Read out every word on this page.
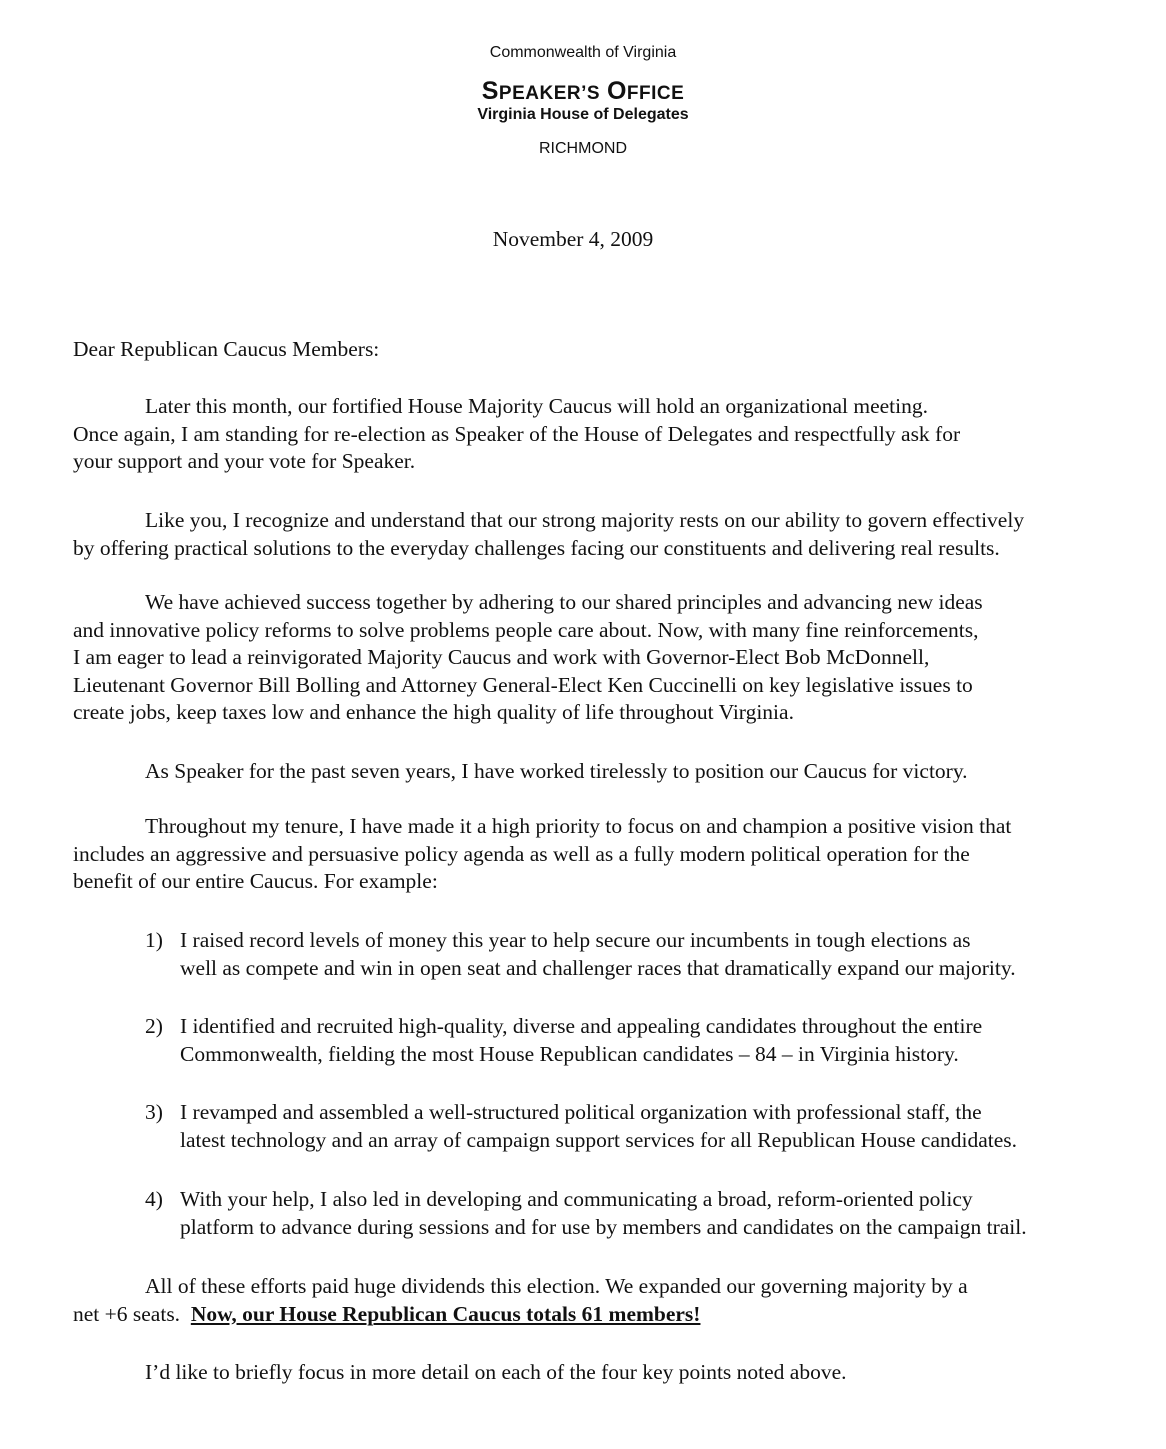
Commonwealth of Virginia
SPEAKER’S OFFICE
Virginia House of Delegates
RICHMOND
November 4, 2009
Dear Republican Caucus Members:
Later this month, our fortified House Majority Caucus will hold an organizational meeting.
Once again, I am standing for re-election as Speaker of the House of Delegates and respectfully ask for
your support and your vote for Speaker.
Like you, I recognize and understand that our strong majority rests on our ability to govern effectively
by offering practical solutions to the everyday challenges facing our constituents and delivering real results.
We have achieved success together by adhering to our shared principles and advancing new ideas
and innovative policy reforms to solve problems people care about. Now, with many fine reinforcements,
I am eager to lead a reinvigorated Majority Caucus and work with Governor-Elect Bob McDonnell,
Lieutenant Governor Bill Bolling and Attorney General-Elect Ken Cuccinelli on key legislative issues to
create jobs, keep taxes low and enhance the high quality of life throughout Virginia.
As Speaker for the past seven years, I have worked tirelessly to position our Caucus for victory.
Throughout my tenure, I have made it a high priority to focus on and champion a positive vision that
includes an aggressive and persuasive policy agenda as well as a fully modern political operation for the
benefit of our entire Caucus. For example:
1) I raised record levels of money this year to help secure our incumbents in tough elections as
well as compete and win in open seat and challenger races that dramatically expand our majority.
2) I identified and recruited high-quality, diverse and appealing candidates throughout the entire
Commonwealth, fielding the most House Republican candidates – 84 – in Virginia history.
3) I revamped and assembled a well-structured political organization with professional staff, the
latest technology and an array of campaign support services for all Republican House candidates.
4) With your help, I also led in developing and communicating a broad, reform-oriented policy
platform to advance during sessions and for use by members and candidates on the campaign trail.
All of these efforts paid huge dividends this election. We expanded our governing majority by a
net +6 seats.  Now, our House Republican Caucus totals 61 members!
I’d like to briefly focus in more detail on each of the four key points noted above.
